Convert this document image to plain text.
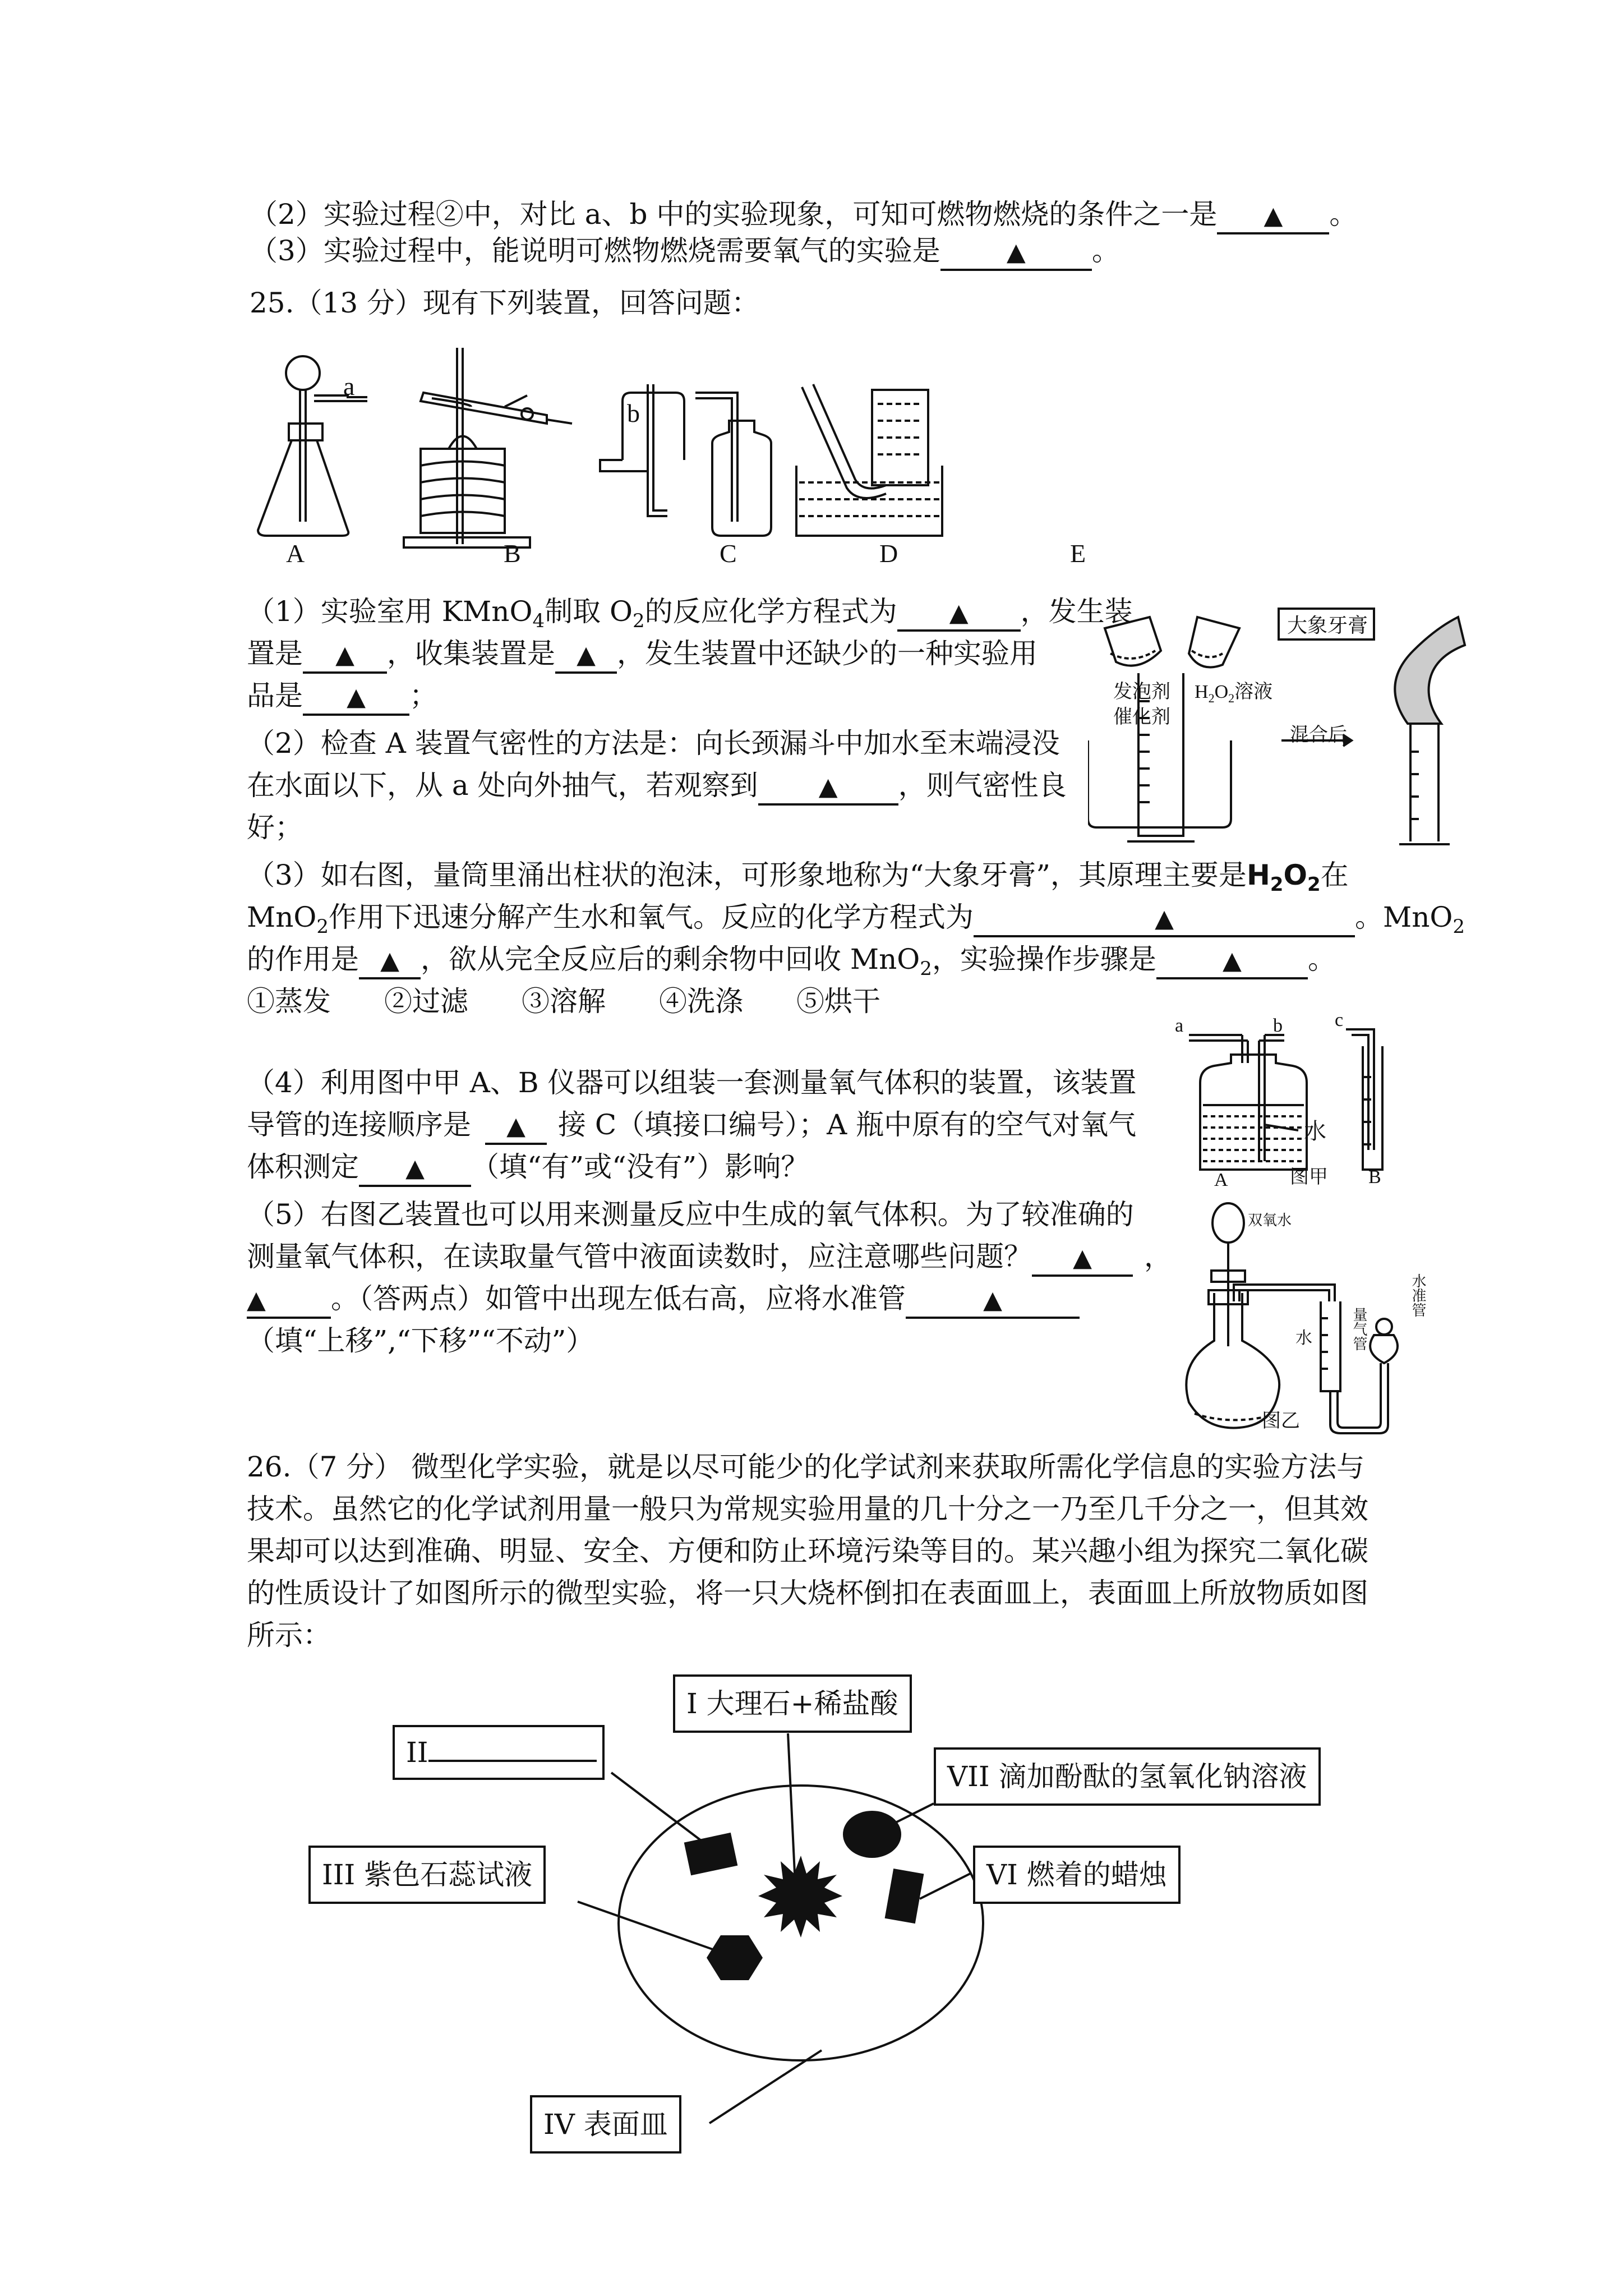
（2）实验过程②中，对比 a、b 中的实验现象，可知可燃物燃烧的条件之一是 ▲ 。
（3）实验过程中，能说明可燃物燃烧需要氧气的实验是	▲ 。
25.（13 分）现有下列装置，回答问题：
a
b
A	B	C	D	E
（1）实验室用 KMnO$_4$制取 $O_2$的反应化学方程式为 ▲ ，发生装
置是 ▲ ，收集装置是 ▲ ，发生装置中还缺少的一种实验用
品是 ▲ ；
（2）检查 A 装置气密性的方法是：向长颈漏斗中加水至末端浸没
在水面以下，从 a 处向外抽气，若观察到 ▲ ，则气密性良
好；
大象牙膏
发泡剂
催化剂
$H_2O_2$溶液
混合后
（3）如右图，量筒里涌出柱状的泡沫，可形象地称为“大象牙膏”，其原理主要是$H_2O_2$在
MnO$_2$作用下迅速分解产生水和氧气。反应的化学方程式为	▲	。MnO$_2$
的作用是 ▲ ，欲从完全反应后的剩余物中回收 MnO$_2$，实验操作步骤是	▲ 。
①蒸发 ②过滤 ③溶解 ④洗涤 ⑤烘干
（4）利用图中甲 A、B 仪器可以组装一套测量氧气体积的装置，该装置
导管的连接顺序是 ▲ 接 C（填接口编号）；A 瓶中原有的空气对氧气
体积测定 ▲ （填“有”或“没有”）影响？
a	b	c
水
A	图甲 B
（5）右图乙装置也可以用来测量反应中生成的氧气体积。为了较准确的
测量氧气体积，在读取量气管中液面读数时，应注意哪些问题？ ▲ ，
▲ 。（答两点）如管中出现左低右高，应将水准管	▲
（填“上移”,“下移”“不动”）
双氧水
水	量气管
水准管
图乙
26.（7 分） 微型化学实验，就是以尽可能少的化学试剂来获取所需化学信息的实验方法与
技术。虽然它的化学试剂用量一般只为常规实验用量的几十分之一乃至几千分之一，但其效
果却可以达到准确、明显、安全、方便和防止环境污染等目的。某兴趣小组为探究二氧化碳
的性质设计了如图所示的微型实验，将一只大烧杯倒扣在表面皿上，表面皿上所放物质如图
所示：
I 大理石+稀盐酸
II
VII 滴加酚酞的氢氧化钠溶液
III 紫色石蕊试液	VI 燃着的蜡烛
IV 表面皿
